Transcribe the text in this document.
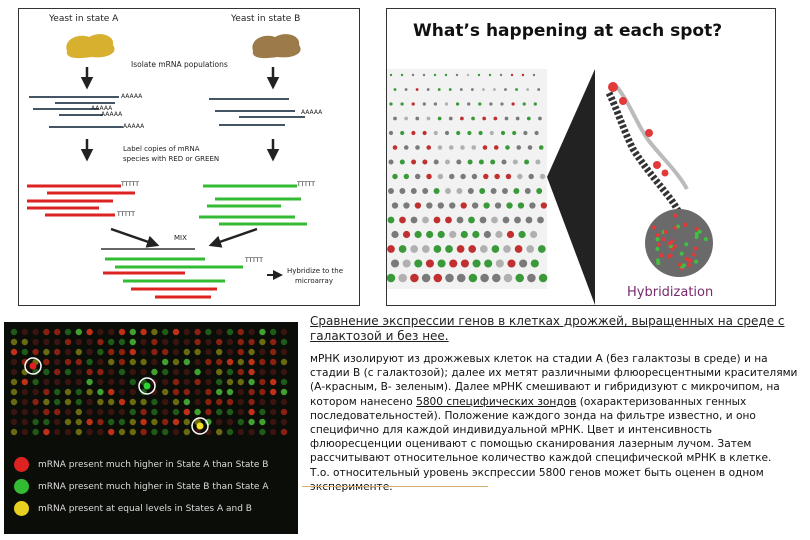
Yeast in state A	Yeast in state B
Isolate mRNA populations
Label copies of mRNA
species with RED or GREEN
MIX
Hybridize to the
microarray
AAAAA
AAAAA
AAAAA
AAAAA
AAAAA
TTTTT
TTTTT
TTTTT
TTTTT
What’s happening at each spot?
Hybridization
mRNA present much higher in State A than State B
mRNA present much higher in State B than State A
mRNA present at equal levels in States A and B
Сравнение экспрессии генов в клетках дрожжей, выращенных на среде с галактозой и без нее.
мРНК изолируют из дрожжевых клеток на стадии А (без галактозы в среде) и на стадии В (с галактозой); далее их метят различными флюоресцентными красителями (А-красным, В- зеленым). Далее мРНК смешивают и гибридизуют с микрочипом, на котором нанесено 5800 специфических зондов (охарактеризованных генных последовательностей). Положение каждого зонда на фильтре известно, и оно специфично для каждой индивидуальной мРНК. Цвет и интенсивность флюоресценции оценивают с помощью сканирования лазерным лучом. Затем рассчитывают относительное количество каждой специфической мРНК в клетке.
Т.о. относительный уровень экспрессии 5800 генов может быть оценен в одном
